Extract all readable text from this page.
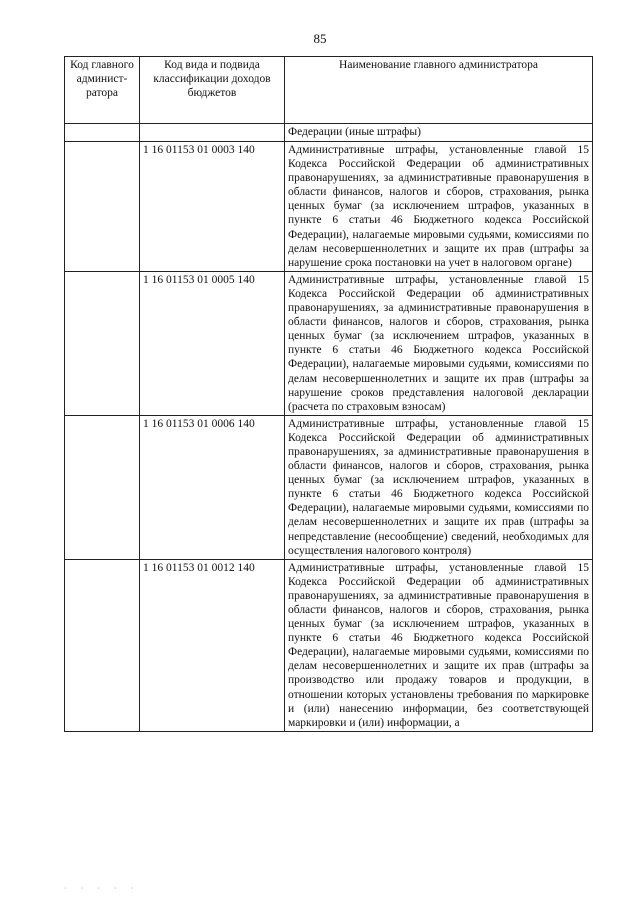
85
Код главного админист-ратора	Код вида и подвида классификации доходов бюджетов	Наименование главного администратора
		Федерации (иные штрафы)
	1 16 01153 01 0003 140	Административные штрафы, установленные главой 15 Кодекса Российской Федерации об административных правонарушениях, за административные правонарушения в области финансов, налогов и сборов, страхования, рынка ценных бумаг (за исключением штрафов, указанных в пункте 6 статьи 46 Бюджетного кодекса Российской Федерации), налагаемые мировыми судьями, комиссиями по делам несовершеннолетних и защите их прав (штрафы за нарушение срока постановки на учет в налоговом органе)
	1 16 01153 01 0005 140	Административные штрафы, установленные главой 15 Кодекса Российской Федерации об административных правонарушениях, за административные правонарушения в области финансов, налогов и сборов, страхования, рынка ценных бумаг (за исключением штрафов, указанных в пункте 6 статьи 46 Бюджетного кодекса Российской Федерации), налагаемые мировыми судьями, комиссиями по делам несовершеннолетних и защите их прав (штрафы за нарушение сроков представления налоговой декларации (расчета по страховым взносам)
	1 16 01153 01 0006 140	Административные штрафы, установленные главой 15 Кодекса Российской Федерации об административных правонарушениях, за административные правонарушения в области финансов, налогов и сборов, страхования, рынка ценных бумаг (за исключением штрафов, указанных в пункте 6 статьи 46 Бюджетного кодекса Российской Федерации), налагаемые мировыми судьями, комиссиями по делам несовершеннолетних и защите их прав (штрафы за непредставление (несообщение) сведений, необходимых для осуществления налогового контроля)
	1 16 01153 01 0012 140	Административные штрафы, установленные главой 15 Кодекса Российской Федерации об административных правонарушениях, за административные правонарушения в области финансов, налогов и сборов, страхования, рынка ценных бумаг (за исключением штрафов, указанных в пункте 6 статьи 46 Бюджетного кодекса Российской Федерации), налагаемые мировыми судьями, комиссиями по делам несовершеннолетних и защите их прав (штрафы за производство или продажу товаров и продукции, в отношении которых установлены требования по маркировке и (или) нанесению информации, без соответствующей маркировки и (или) информации, а
· · · · ·
